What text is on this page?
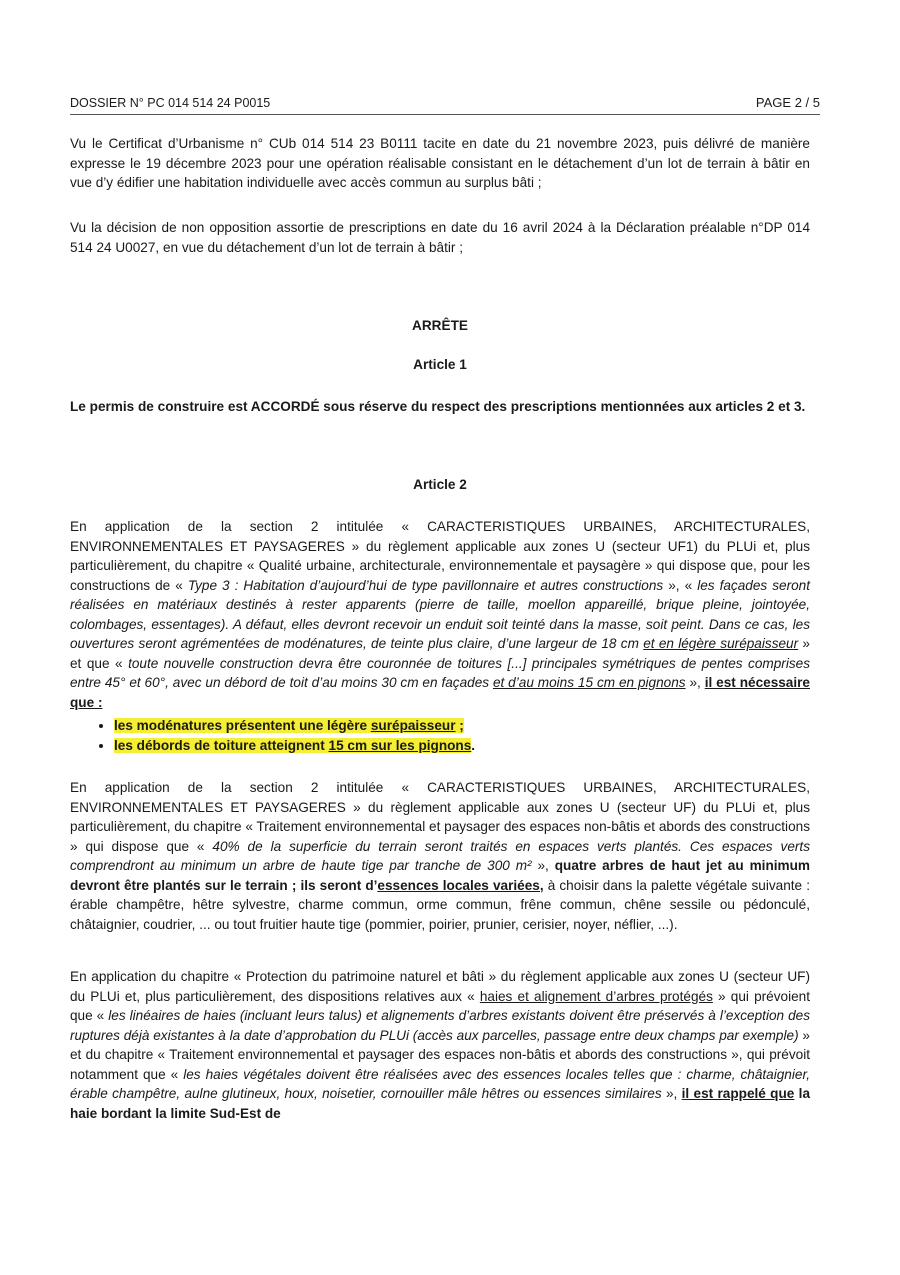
DOSSIER N° PC 014 514 24 P0015	PAGE 2 / 5

Vu le Certificat d’Urbanisme n° CUb 014 514 23 B0111 tacite en date du 21 novembre 2023, puis délivré de manière expresse le 19 décembre 2023 pour une opération réalisable consistant en le détachement d’un lot de terrain à bâtir en vue d’y édifier une habitation individuelle avec accès commun au surplus bâti ;

Vu la décision de non opposition assortie de prescriptions en date du 16 avril 2024 à la Déclaration préalable n°DP 014 514 24 U0027, en vue du détachement d’un lot de terrain à bâtir ;

ARRÊTE

Article 1

Le permis de construire est ACCORDÉ sous réserve du respect des prescriptions mentionnées aux articles 2 et 3.

Article 2

En application de la section 2 intitulée « CARACTERISTIQUES URBAINES, ARCHITECTURALES, ENVIRONNEMENTALES ET PAYSAGERES » du règlement applicable aux zones U (secteur UF1) du PLUi et, plus particulièrement, du chapitre « Qualité urbaine, architecturale, environnementale et paysagère » qui dispose que, pour les constructions de « Type 3 : Habitation d’aujourd’hui de type pavillonnaire et autres constructions », « les façades seront réalisées en matériaux destinés à rester apparents (pierre de taille, moellon appareillé, brique pleine, jointoyée, colombages, essentages). A défaut, elles devront recevoir un enduit soit teinté dans la masse, soit peint. Dans ce cas, les ouvertures seront agrémentées de modénatures, de teinte plus claire, d’une largeur de 18 cm et en légère surépaisseur » et que « toute nouvelle construction devra être couronnée de toitures [...] principales symétriques de pentes comprises entre 45° et 60°, avec un débord de toit d’au moins 30 cm en façades et d’au moins 15 cm en pignons », il est nécessaire que :

• les modénatures présentent une légère surépaisseur ;
• les débords de toiture atteignent 15 cm sur les pignons.

En application de la section 2 intitulée « CARACTERISTIQUES URBAINES, ARCHITECTURALES, ENVIRONNEMENTALES ET PAYSAGERES » du règlement applicable aux zones U (secteur UF) du PLUi et, plus particulièrement, du chapitre « Traitement environnemental et paysager des espaces non-bâtis et abords des constructions » qui dispose que « 40% de la superficie du terrain seront traités en espaces verts plantés. Ces espaces verts comprendront au minimum un arbre de haute tige par tranche de 300 m² », quatre arbres de haut jet au minimum devront être plantés sur le terrain ; ils seront d’essences locales variées, à choisir dans la palette végétale suivante : érable champêtre, hêtre sylvestre, charme commun, orme commun, frêne commun, chêne sessile ou pédonculé, châtaignier, coudrier, ... ou tout fruitier haute tige (pommier, poirier, prunier, cerisier, noyer, néflier, ...).

En application du chapitre « Protection du patrimoine naturel et bâti » du règlement applicable aux zones U (secteur UF) du PLUi et, plus particulièrement, des dispositions relatives aux « haies et alignement d’arbres protégés » qui prévoient que « les linéaires de haies (incluant leurs talus) et alignements d’arbres existants doivent être préservés à l’exception des ruptures déjà existantes à la date d’approbation du PLUi (accès aux parcelles, passage entre deux champs par exemple) » et du chapitre « Traitement environnemental et paysager des espaces non-bâtis et abords des constructions », qui prévoit notamment que « les haies végétales doivent être réalisées avec des essences locales telles que : charme, châtaignier, érable champêtre, aulne glutineux, houx, noisetier, cornouiller mâle hêtres ou essences similaires », il est rappelé que la haie bordant la limite Sud-Est de
